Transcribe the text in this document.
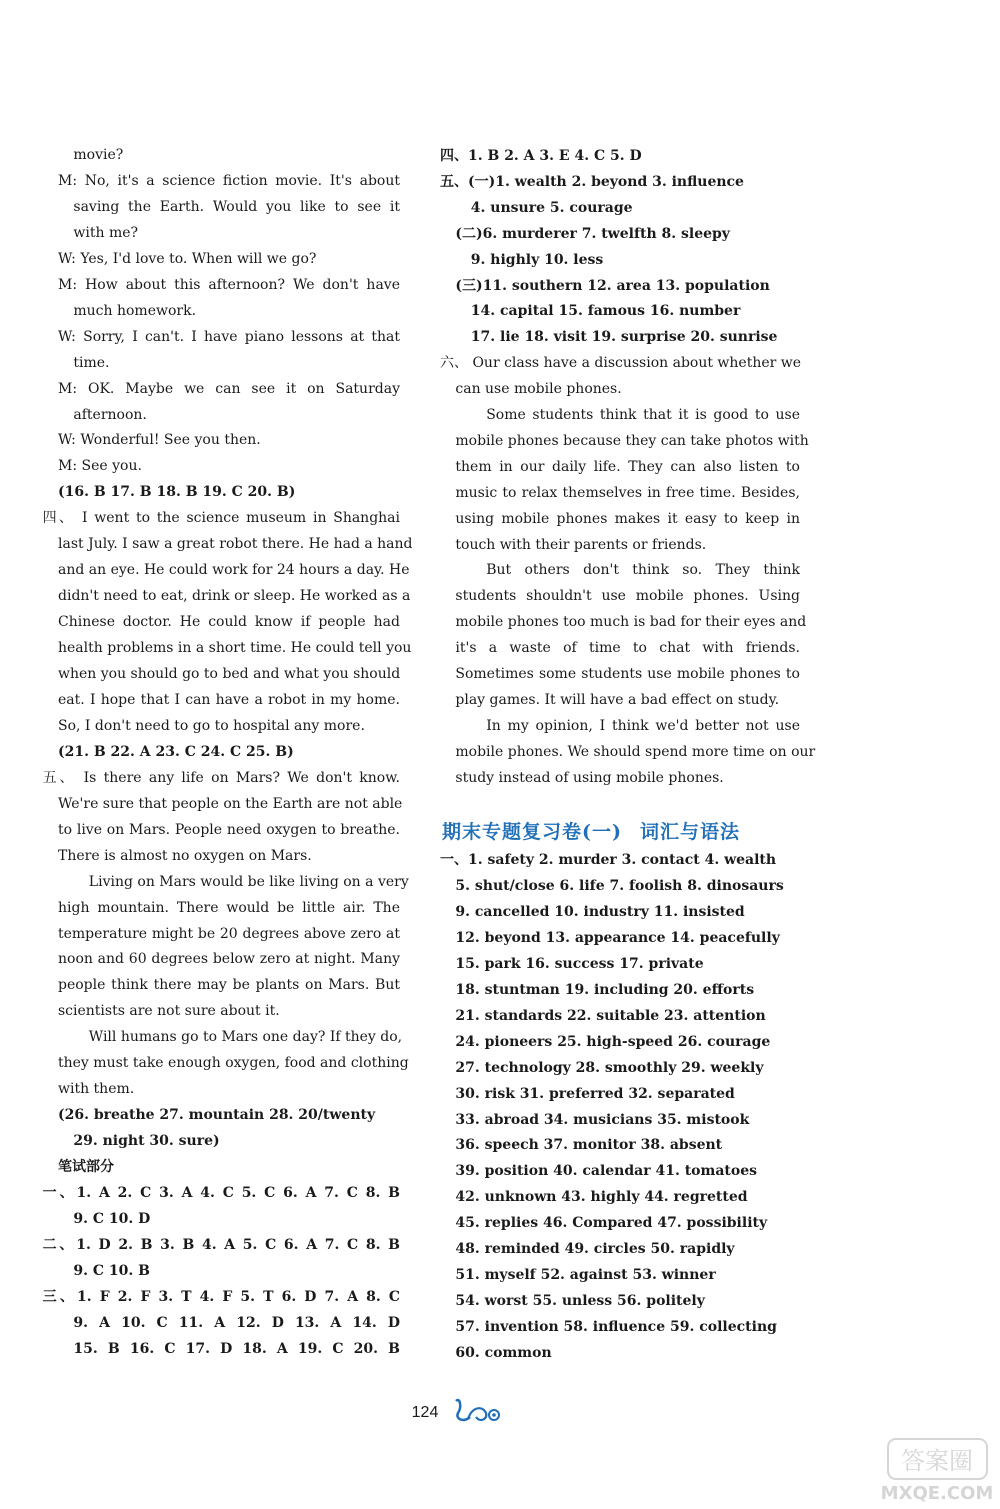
movie?
M: No, it's a science fiction movie. It's about
saving the Earth. Would you like to see it
with me?
W: Yes, I'd love to. When will we go?
M: How about this afternoon? We don't have
much homework.
W: Sorry, I can't. I have piano lessons at that
time.
M: OK. Maybe we can see it on Saturday
afternoon.
W: Wonderful! See you then.
M: See you.
(16. B 17. B 18. B 19. C 20. B)
四、 I went to the science museum in Shanghai
last July. I saw a great robot there. He had a hand
and an eye. He could work for 24 hours a day. He
didn't need to eat, drink or sleep. He worked as a
Chinese doctor. He could know if people had
health problems in a short time. He could tell you
when you should go to bed and what you should
eat. I hope that I can have a robot in my home.
So, I don't need to go to hospital any more.
(21. B 22. A 23. C 24. C 25. B)
五、 Is there any life on Mars? We don't know.
We're sure that people on the Earth are not able
to live on Mars. People need oxygen to breathe.
There is almost no oxygen on Mars.
Living on Mars would be like living on a very
high mountain. There would be little air. The
temperature might be 20 degrees above zero at
noon and 60 degrees below zero at night. Many
people think there may be plants on Mars. But
scientists are not sure about it.
Will humans go to Mars one day? If they do,
they must take enough oxygen, food and clothing
with them.
(26. breathe 27. mountain 28. 20/twenty
29. night 30. sure)
笔试部分
一、1. A 2. C 3. A 4. C 5. C 6. A 7. C 8. B
9. C 10. D
二、1. D 2. B 3. B 4. A 5. C 6. A 7. C 8. B
9. C 10. B
三、1. F 2. F 3. T 4. F 5. T 6. D 7. A 8. C
9. A 10. C 11. A 12. D 13. A 14. D
15. B 16. C 17. D 18. A 19. C 20. B
四、1. B 2. A 3. E 4. C 5. D
五、(一)1. wealth 2. beyond 3. influence
4. unsure 5. courage
(二)6. murderer 7. twelfth 8. sleepy
9. highly 10. less
(三)11. southern 12. area 13. population
14. capital 15. famous 16. number
17. lie 18. visit 19. surprise 20. sunrise
六、 Our class have a discussion about whether we
can use mobile phones.
Some students think that it is good to use
mobile phones because they can take photos with
them in our daily life. They can also listen to
music to relax themselves in free time. Besides,
using mobile phones makes it easy to keep in
touch with their parents or friends.
But others don't think so. They think
students shouldn't use mobile phones. Using
mobile phones too much is bad for their eyes and
it's a waste of time to chat with friends.
Sometimes some students use mobile phones to
play games. It will have a bad effect on study.
In my opinion, I think we'd better not use
mobile phones. We should spend more time on our
study instead of using mobile phones.
期末专题复习卷(一) 词汇与语法
一、1. safety 2. murder 3. contact 4. wealth
5. shut/close 6. life 7. foolish 8. dinosaurs
9. cancelled 10. industry 11. insisted
12. beyond 13. appearance 14. peacefully
15. park 16. success 17. private
18. stuntman 19. including 20. efforts
21. standards 22. suitable 23. attention
24. pioneers 25. high-speed 26. courage
27. technology 28. smoothly 29. weekly
30. risk 31. preferred 32. separated
33. abroad 34. musicians 35. mistook
36. speech 37. monitor 38. absent
39. position 40. calendar 41. tomatoes
42. unknown 43. highly 44. regretted
45. replies 46. Compared 47. possibility
48. reminded 49. circles 50. rapidly
51. myself 52. against 53. winner
54. worst 55. unless 56. politely
57. invention 58. influence 59. collecting
60. common
124
答案圈
MXQE.COM
